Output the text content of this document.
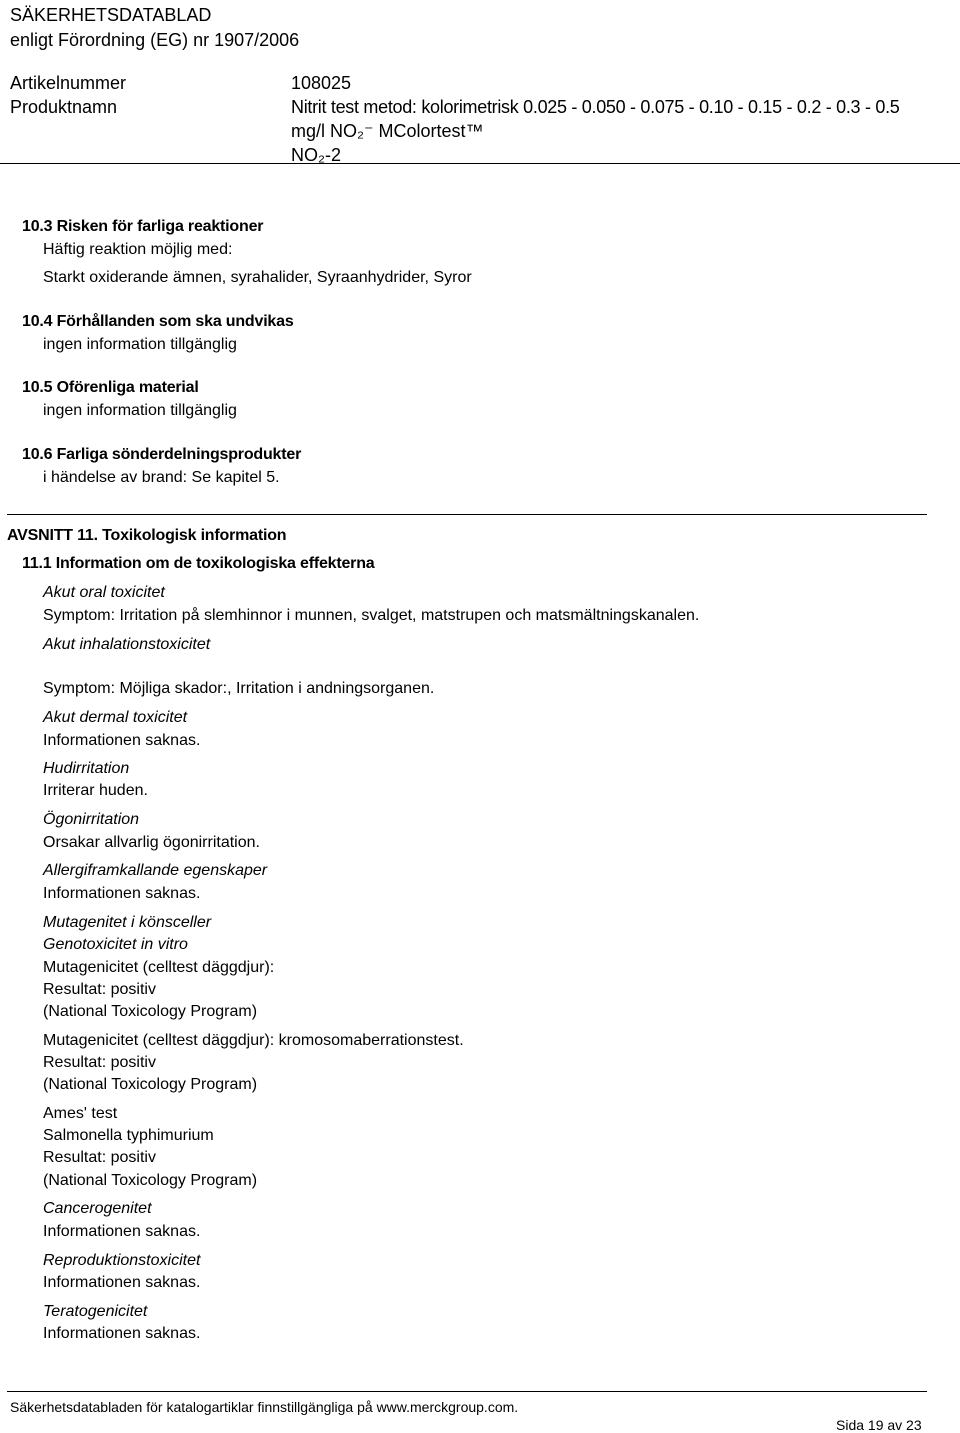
SÄKERHETSDATABLAD
enligt Förordning (EG) nr 1907/2006
Artikelnummer	108025
Produktnamn	Nitrit test metod: kolorimetrisk 0.025 - 0.050 - 0.075 - 0.10 - 0.15 - 0.2 - 0.3 - 0.5
mg/l NO₂⁻ MColortest™
NO₂-2
10.3 Risken för farliga reaktioner
Häftig reaktion möjlig med:
Starkt oxiderande ämnen, syrahalider, Syraanhydrider, Syror
10.4 Förhållanden som ska undvikas
ingen information tillgänglig
10.5 Oförenliga material
ingen information tillgänglig
10.6 Farliga sönderdelningsprodukter
i händelse av brand: Se kapitel 5.
AVSNITT 11. Toxikologisk information
11.1 Information om de toxikologiska effekterna
Akut oral toxicitet
Symptom: Irritation på slemhinnor i munnen, svalget, matstrupen och matsmältningskanalen.
Akut inhalationstoxicitet
Symptom: Möjliga skador:, Irritation i andningsorganen.
Akut dermal toxicitet
Informationen saknas.
Hudirritation
Irriterar huden.
Ögonirritation
Orsakar allvarlig ögonirritation.
Allergiframkallande egenskaper
Informationen saknas.
Mutagenitet i könsceller
Genotoxicitet in vitro
Mutagenicitet (celltest däggdjur):
Resultat: positiv
(National Toxicology Program)
Mutagenicitet (celltest däggdjur): kromosomaberrationstest.
Resultat: positiv
(National Toxicology Program)
Ames' test
Salmonella typhimurium
Resultat: positiv
(National Toxicology Program)
Cancerogenitet
Informationen saknas.
Reproduktionstoxicitet
Informationen saknas.
Teratogenicitet
Informationen saknas.
Säkerhetsdatabladen för katalogartiklar finnstillgängliga på www.merckgroup.com.
Sida 19 av 23
